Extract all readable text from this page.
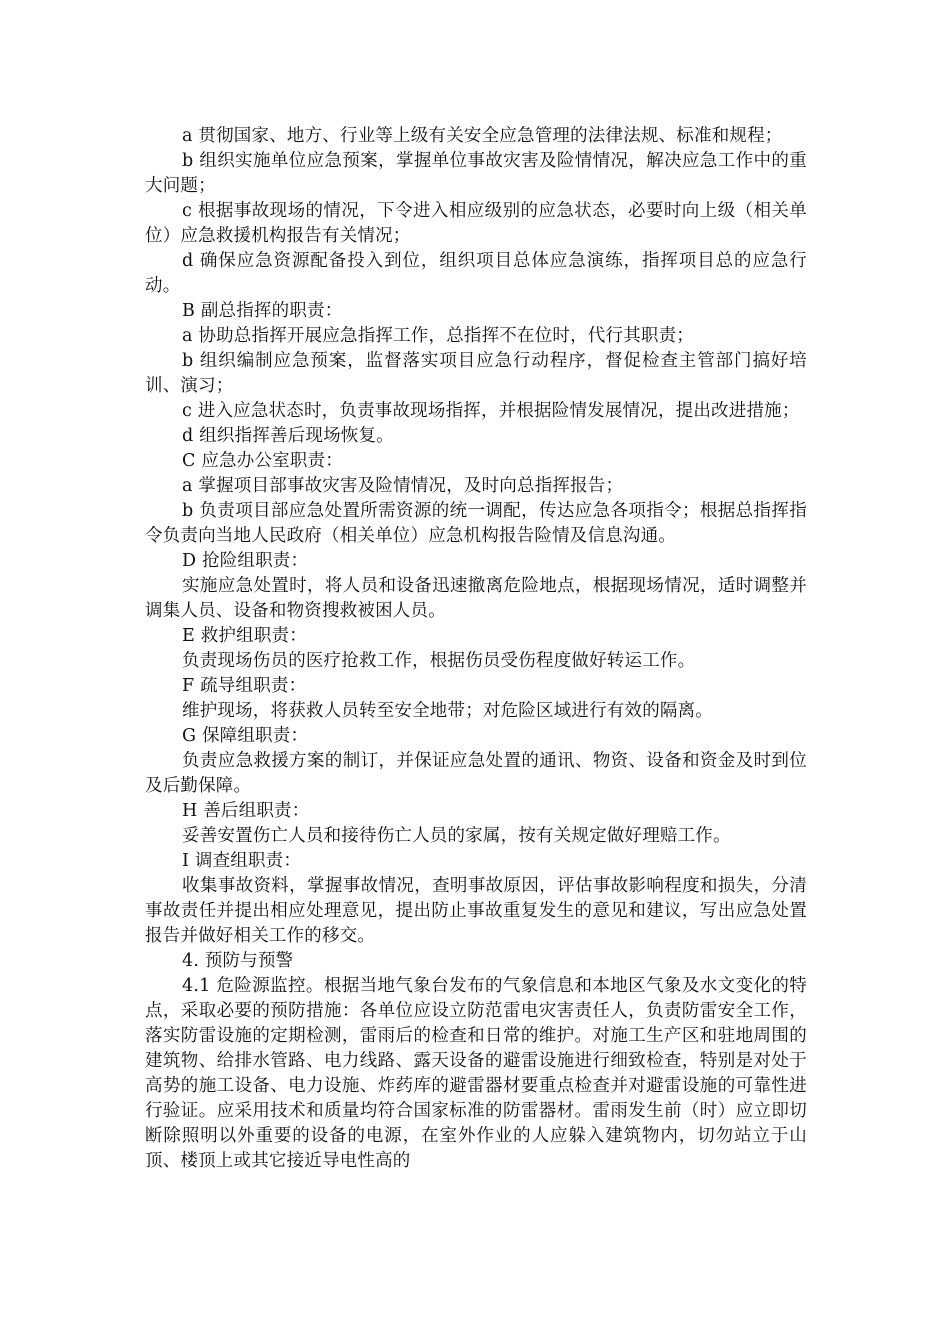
a 贯彻国家、地方、行业等上级有关安全应急管理的法律法规、标准和规程；

b 组织实施单位应急预案，掌握单位事故灾害及险情情况，解决应急工作中的重大问题；

c 根据事故现场的情况，下令进入相应级别的应急状态，必要时向上级（相关单位）应急救援机构报告有关情况；

d 确保应急资源配备投入到位，组织项目总体应急演练，指挥项目总的应急行动。

B 副总指挥的职责：

a 协助总指挥开展应急指挥工作，总指挥不在位时，代行其职责；

b 组织编制应急预案，监督落实项目应急行动程序，督促检查主管部门搞好培训、演习；

c 进入应急状态时，负责事故现场指挥，并根据险情发展情况，提出改进措施；

d 组织指挥善后现场恢复。

C 应急办公室职责：

a 掌握项目部事故灾害及险情情况，及时向总指挥报告；

b 负责项目部应急处置所需资源的统一调配，传达应急各项指令；根据总指挥指令负责向当地人民政府（相关单位）应急机构报告险情及信息沟通。

D 抢险组职责：

实施应急处置时，将人员和设备迅速撤离危险地点，根据现场情况，适时调整并调集人员、设备和物资搜救被困人员。

E 救护组职责：

负责现场伤员的医疗抢救工作，根据伤员受伤程度做好转运工作。

F 疏导组职责：

维护现场，将获救人员转至安全地带；对危险区域进行有效的隔离。

G 保障组职责：

负责应急救援方案的制订，并保证应急处置的通讯、物资、设备和资金及时到位及后勤保障。

H 善后组职责：

妥善安置伤亡人员和接待伤亡人员的家属，按有关规定做好理赔工作。

I 调查组职责：

收集事故资料，掌握事故情况，查明事故原因，评估事故影响程度和损失，分清事故责任并提出相应处理意见，提出防止事故重复发生的意见和建议，写出应急处置报告并做好相关工作的移交。

4. 预防与预警

4.1 危险源监控。根据当地气象台发布的气象信息和本地区气象及水文变化的特点，采取必要的预防措施：各单位应设立防范雷电灾害责任人，负责防雷安全工作，落实防雷设施的定期检测，雷雨后的检查和日常的维护。对施工生产区和驻地周围的建筑物、给排水管路、电力线路、露天设备的避雷设施进行细致检查，特别是对处于高势的施工设备、电力设施、炸药库的避雷器材要重点检查并对避雷设施的可靠性进行验证。应采用技术和质量均符合国家标准的防雷器材。雷雨发生前（时）应立即切断除照明以外重要的设备的电源，在室外作业的人应躲入建筑物内，切勿站立于山顶、楼顶上或其它接近导电性高的
